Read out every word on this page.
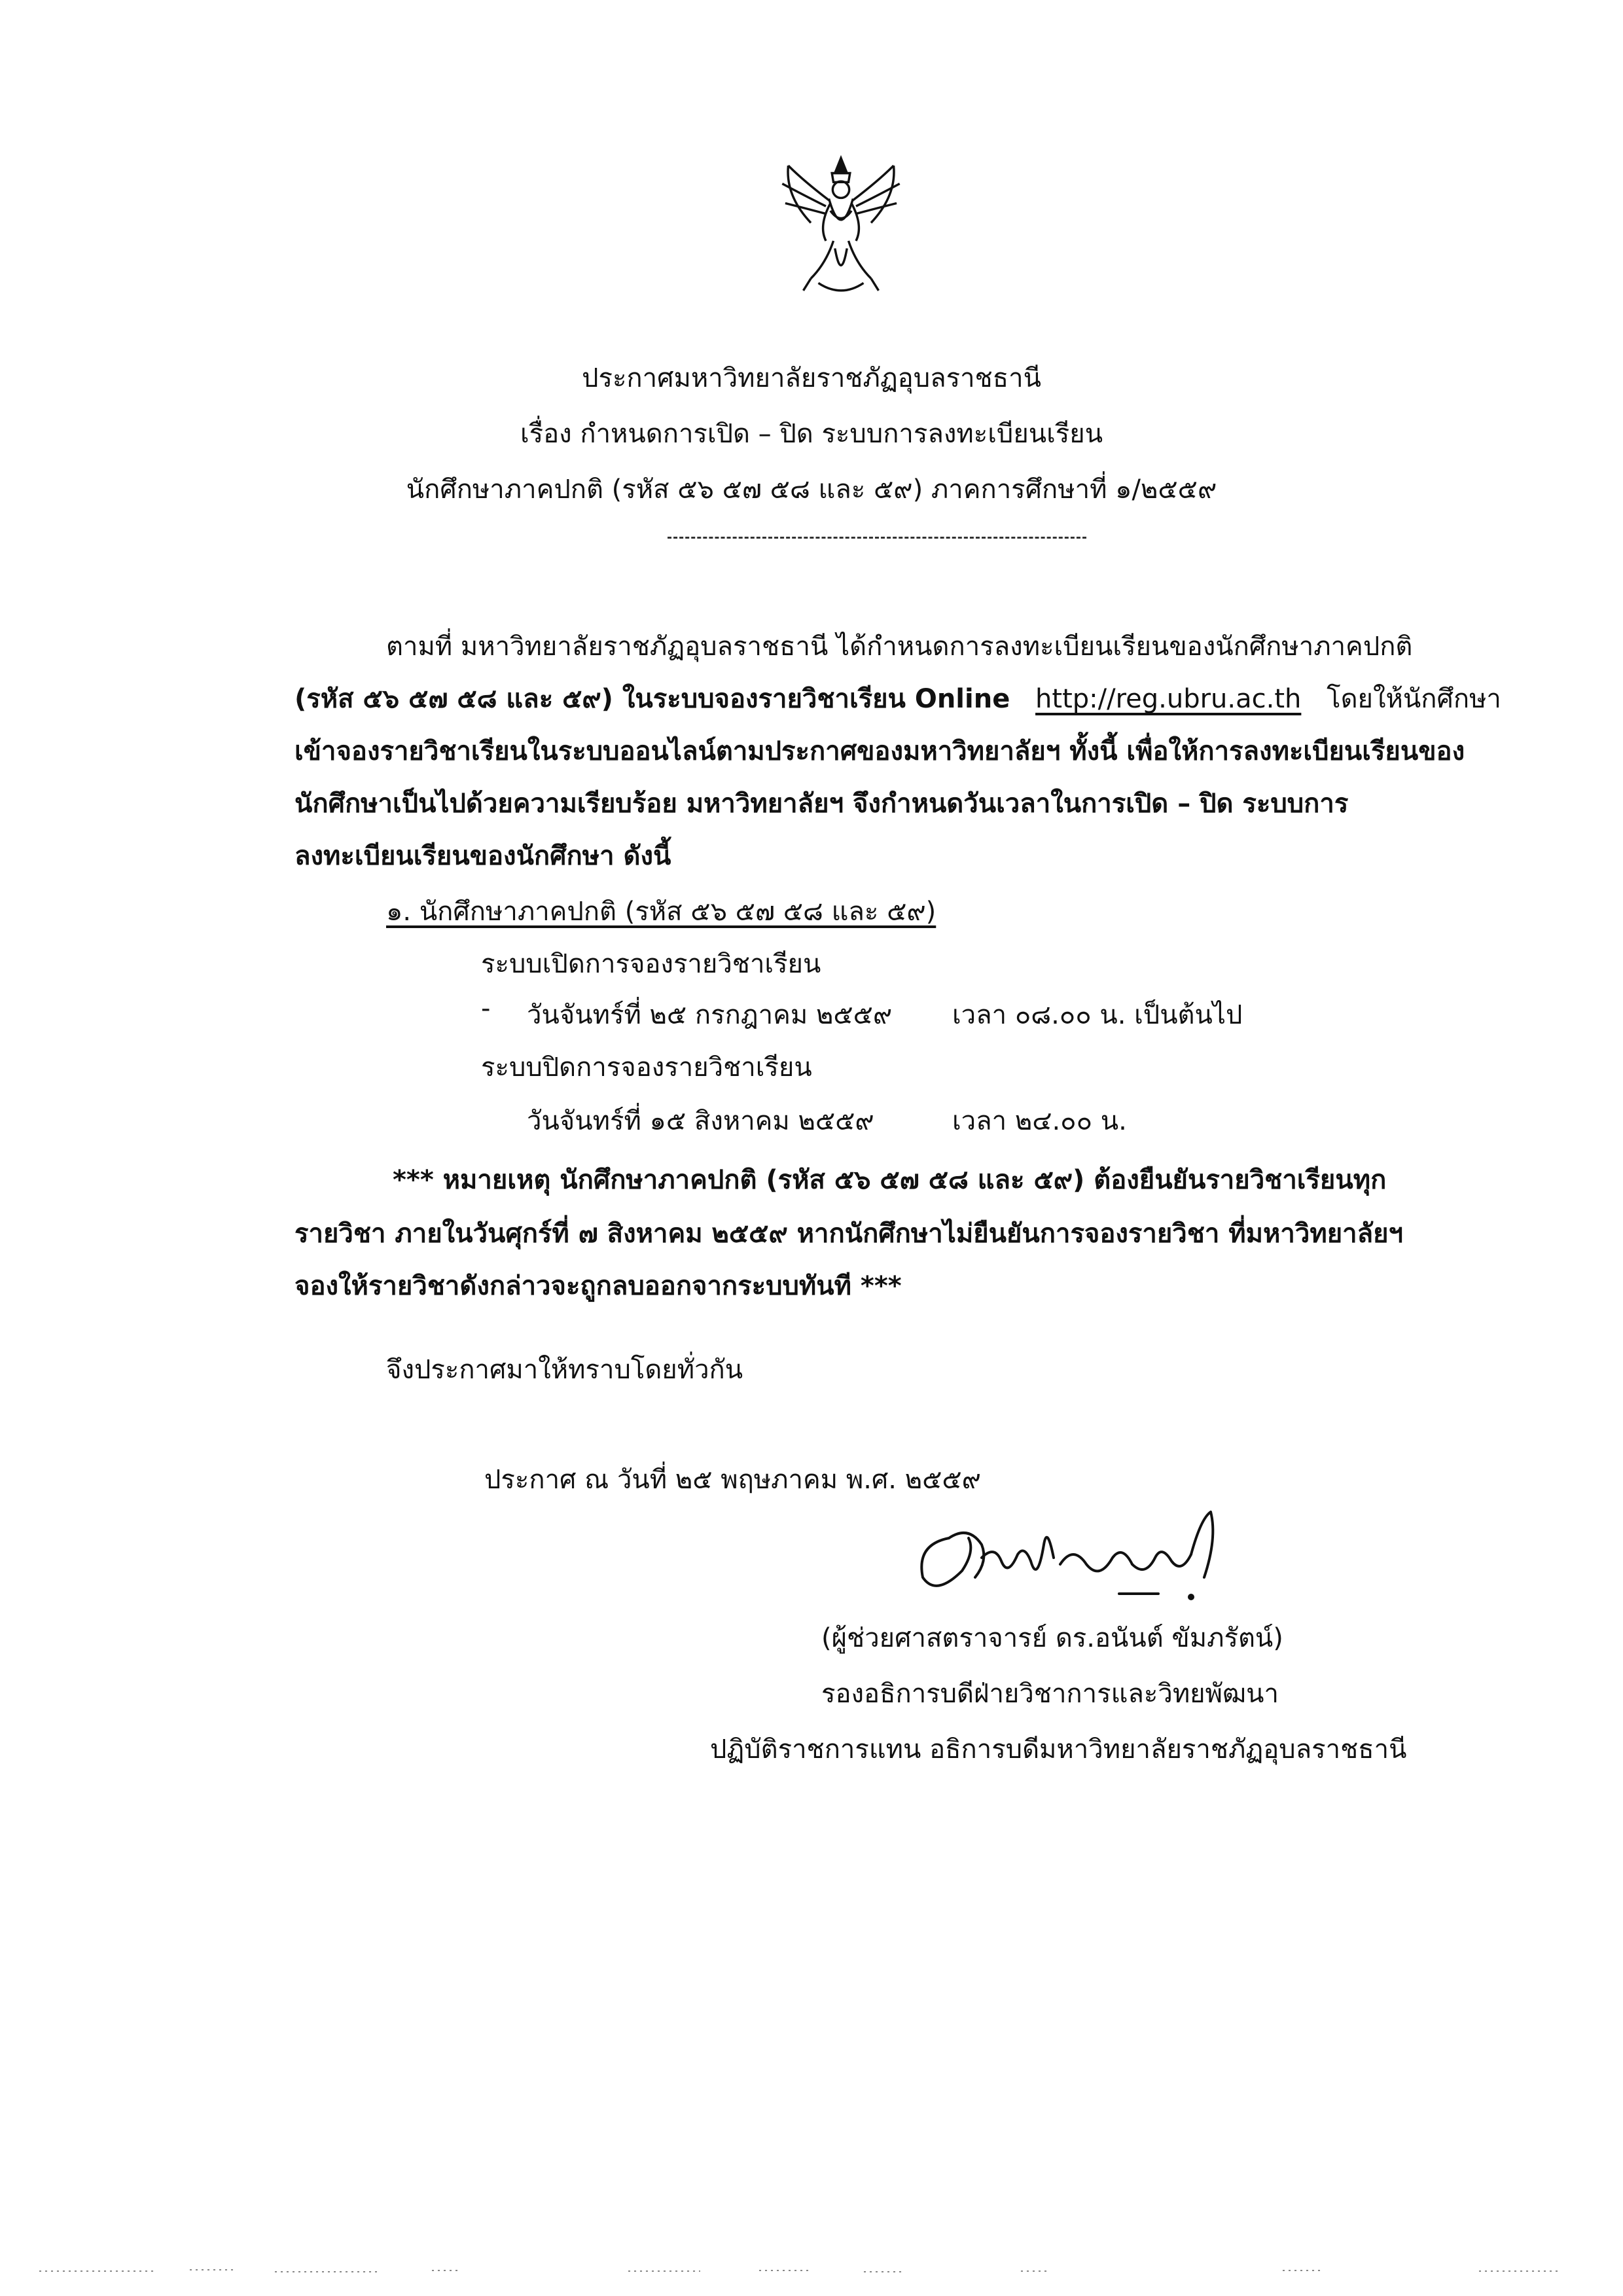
ประกาศมหาวิทยาลัยราชภัฏอุบลราชธานี
เรื่อง กำหนดการเปิด – ปิด ระบบการลงทะเบียนเรียน
นักศึกษาภาคปกติ (รหัส ๕๖ ๕๗ ๕๘ และ ๕๙) ภาคการศึกษาที่ ๑/๒๕๕๙
ตามที่ มหาวิทยาลัยราชภัฏอุบลราชธานี ได้กำหนดการลงทะเบียนเรียนของนักศึกษาภาคปกติ
(รหัส ๕๖ ๕๗ ๕๘ และ ๕๙) ในระบบจองรายวิชาเรียน Online http://reg.ubru.ac.th โดยให้นักศึกษา
เข้าจองรายวิชาเรียนในระบบออนไลน์ตามประกาศของมหาวิทยาลัยฯ ทั้งนี้ เพื่อให้การลงทะเบียนเรียนของ
นักศึกษาเป็นไปด้วยความเรียบร้อย มหาวิทยาลัยฯ จึงกำหนดวันเวลาในการเปิด – ปิด ระบบการ
ลงทะเบียนเรียนของนักศึกษา ดังนี้
๑. นักศึกษาภาคปกติ (รหัส ๕๖ ๕๗ ๕๘ และ ๕๙)
ระบบเปิดการจองรายวิชาเรียน
- วันจันทร์ที่ ๒๕ กรกฎาคม ๒๕๕๙ เวลา ๐๘.๐๐ น. เป็นต้นไป
ระบบปิดการจองรายวิชาเรียน
วันจันทร์ที่ ๑๕ สิงหาคม ๒๕๕๙	เวลา ๒๔.๐๐ น.
*** หมายเหตุ นักศึกษาภาคปกติ (รหัส ๕๖ ๕๗ ๕๘ และ ๕๙) ต้องยืนยันรายวิชาเรียนทุก
รายวิชา ภายในวันศุกร์ที่ ๗ สิงหาคม ๒๕๕๙ หากนักศึกษาไม่ยืนยันการจองรายวิชา ที่มหาวิทยาลัยฯ
จองให้รายวิชาดังกล่าวจะถูกลบออกจากระบบทันที ***
จึงประกาศมาให้ทราบโดยทั่วกัน
ประกาศ ณ วันที่ ๒๕ พฤษภาคม พ.ศ. ๒๕๕๙
(ผู้ช่วยศาสตราจารย์ ดร.อนันต์ ขัมภรัตน์)
รองอธิการบดีฝ่ายวิชาการและวิทยพัฒนา
ปฏิบัติราชการแทน อธิการบดีมหาวิทยาลัยราชภัฏอุบลราชธานี
